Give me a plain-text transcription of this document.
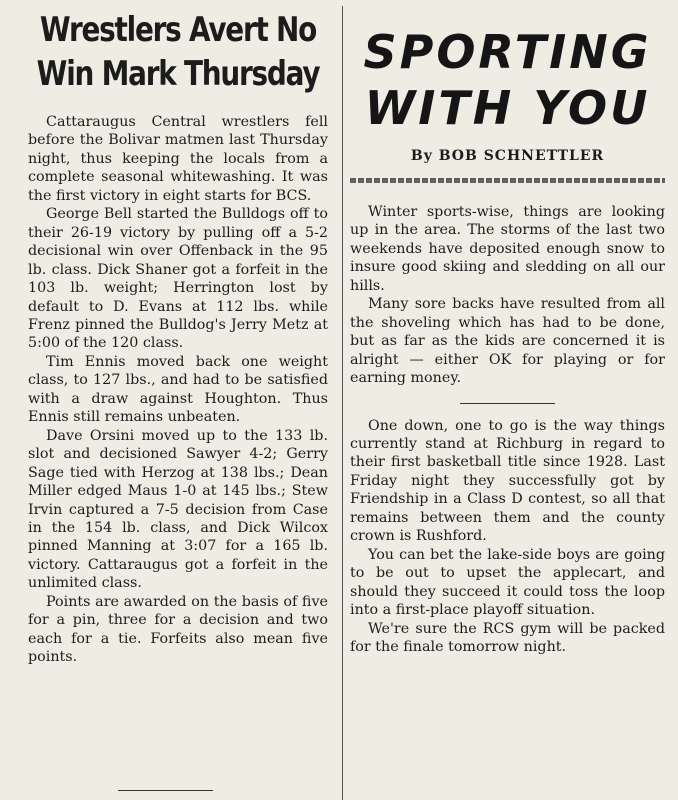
Wrestlers Avert No Win Mark Thursday

Cattaraugus Central wrestlers fell before the Bolivar matmen last Thursday night, thus keeping the locals from a complete seasonal whitewashing. It was the first victory in eight starts for BCS.

George Bell started the Bulldogs off to their 26-19 victory by pulling off a 5-2 decisional win over Offenback in the 95 lb. class. Dick Shaner got a forfeit in the 103 lb. weight; Herrington lost by default to D. Evans at 112 lbs. while Frenz pinned the Bulldog's Jerry Metz at 5:00 of the 120 class.

Tim Ennis moved back one weight class, to 127 lbs., and had to be satisfied with a draw against Houghton. Thus Ennis still remains unbeaten.

Dave Orsini moved up to the 133 lb. slot and decisioned Sawyer 4-2; Gerry Sage tied with Herzog at 138 lbs.; Dean Miller edged Maus 1-0 at 145 lbs.; Stew Irvin captured a 7-5 decision from Case in the 154 lb. class, and Dick Wilcox pinned Manning at 3:07 for a 165 lb. victory. Cattaraugus got a forfeit in the unlimited class.

Points are awarded on the basis of five for a pin, three for a decision and two each for a tie. Forfeits also mean five points.

SPORTING
WITH YOU
By BOB SCHNETTLER

Winter sports-wise, things are looking up in the area. The storms of the last two weekends have deposited enough snow to insure good skiing and sledding on all our hills.

Many sore backs have resulted from all the shoveling which has had to be done, but as far as the kids are concerned it is alright — either OK for playing or for earning money.

One down, one to go is the way things currently stand at Richburg in regard to their first basketball title since 1928. Last Friday night they successfully got by Friendship in a Class D contest, so all that remains between them and the county crown is Rushford.

You can bet the lake-side boys are going to be out to upset the applecart, and should they succeed it could toss the loop into a first-place playoff situation.

We're sure the RCS gym will be packed for the finale tomorrow night.
